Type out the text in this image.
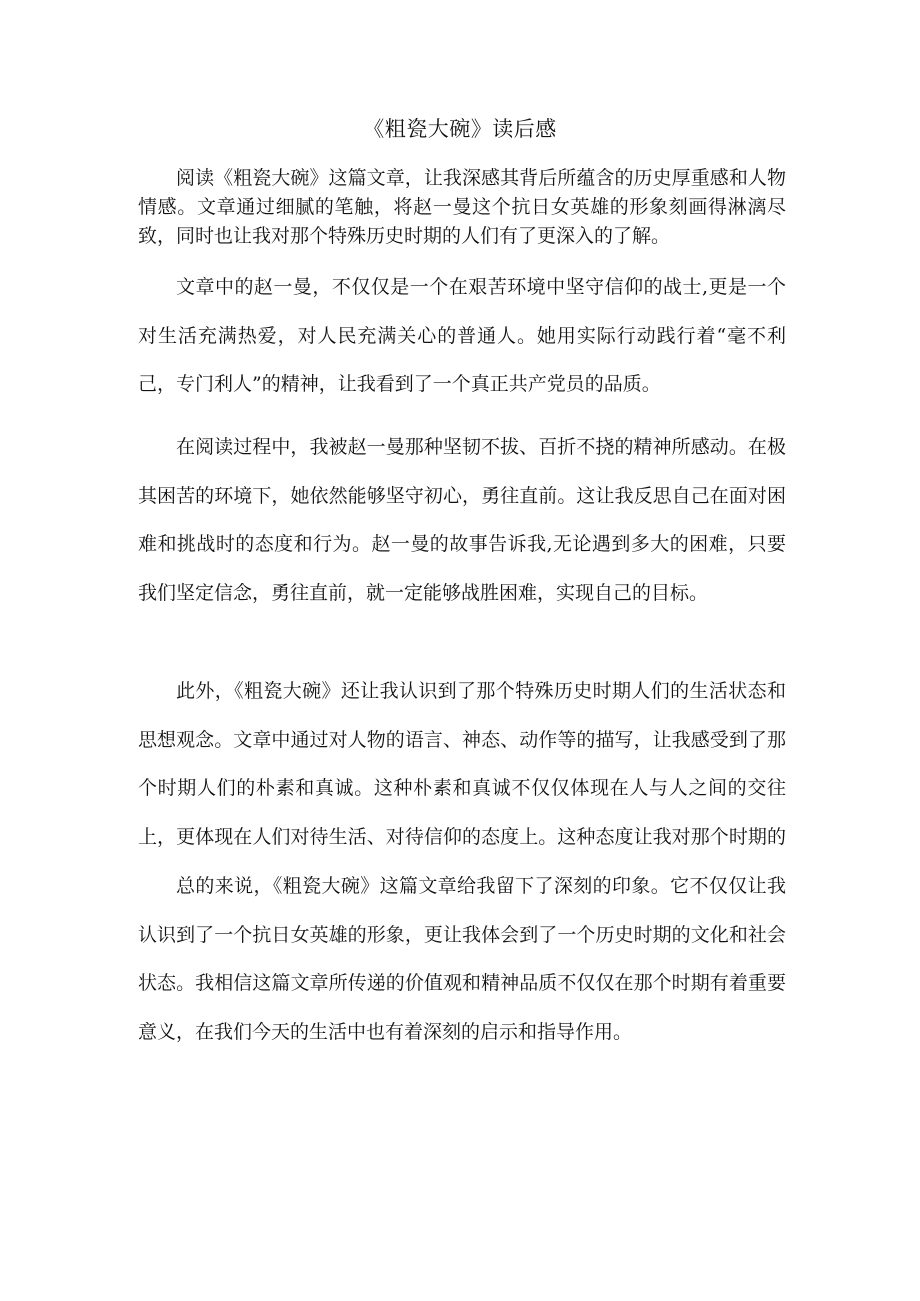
《粗瓷大碗》读后感

阅读《粗瓷大碗》这篇文章，让我深感其背后所蕴含的历史厚重感和人物情感。文章通过细腻的笔触，将赵一曼这个抗日女英雄的形象刻画得淋漓尽致，同时也让我对那个特殊历史时期的人们有了更深入的了解。

文章中的赵一曼，不仅仅是一个在艰苦环境中坚守信仰的战士,更是一个对生活充满热爱，对人民充满关心的普通人。她用实际行动践行着“毫不利己，专门利人”的精神，让我看到了一个真正共产党员的品质。

在阅读过程中，我被赵一曼那种坚韧不拔、百折不挠的精神所感动。在极其困苦的环境下，她依然能够坚守初心，勇往直前。这让我反思自己在面对困难和挑战时的态度和行为。赵一曼的故事告诉我,无论遇到多大的困难，只要我们坚定信念，勇往直前，就一定能够战胜困难，实现自己的目标。

此外，《粗瓷大碗》还让我认识到了那个特殊历史时期人们的生活状态和思想观念。文章中通过对人物的语言、神态、动作等的描写，让我感受到了那个时期人们的朴素和真诚。这种朴素和真诚不仅仅体现在人与人之间的交往上，更体现在人们对待生活、对待信仰的态度上。这种态度让我对那个时期的

总的来说，《粗瓷大碗》这篇文章给我留下了深刻的印象。它不仅仅让我认识到了一个抗日女英雄的形象，更让我体会到了一个历史时期的文化和社会状态。我相信这篇文章所传递的价值观和精神品质不仅仅在那个时期有着重要意义，在我们今天的生活中也有着深刻的启示和指导作用。
